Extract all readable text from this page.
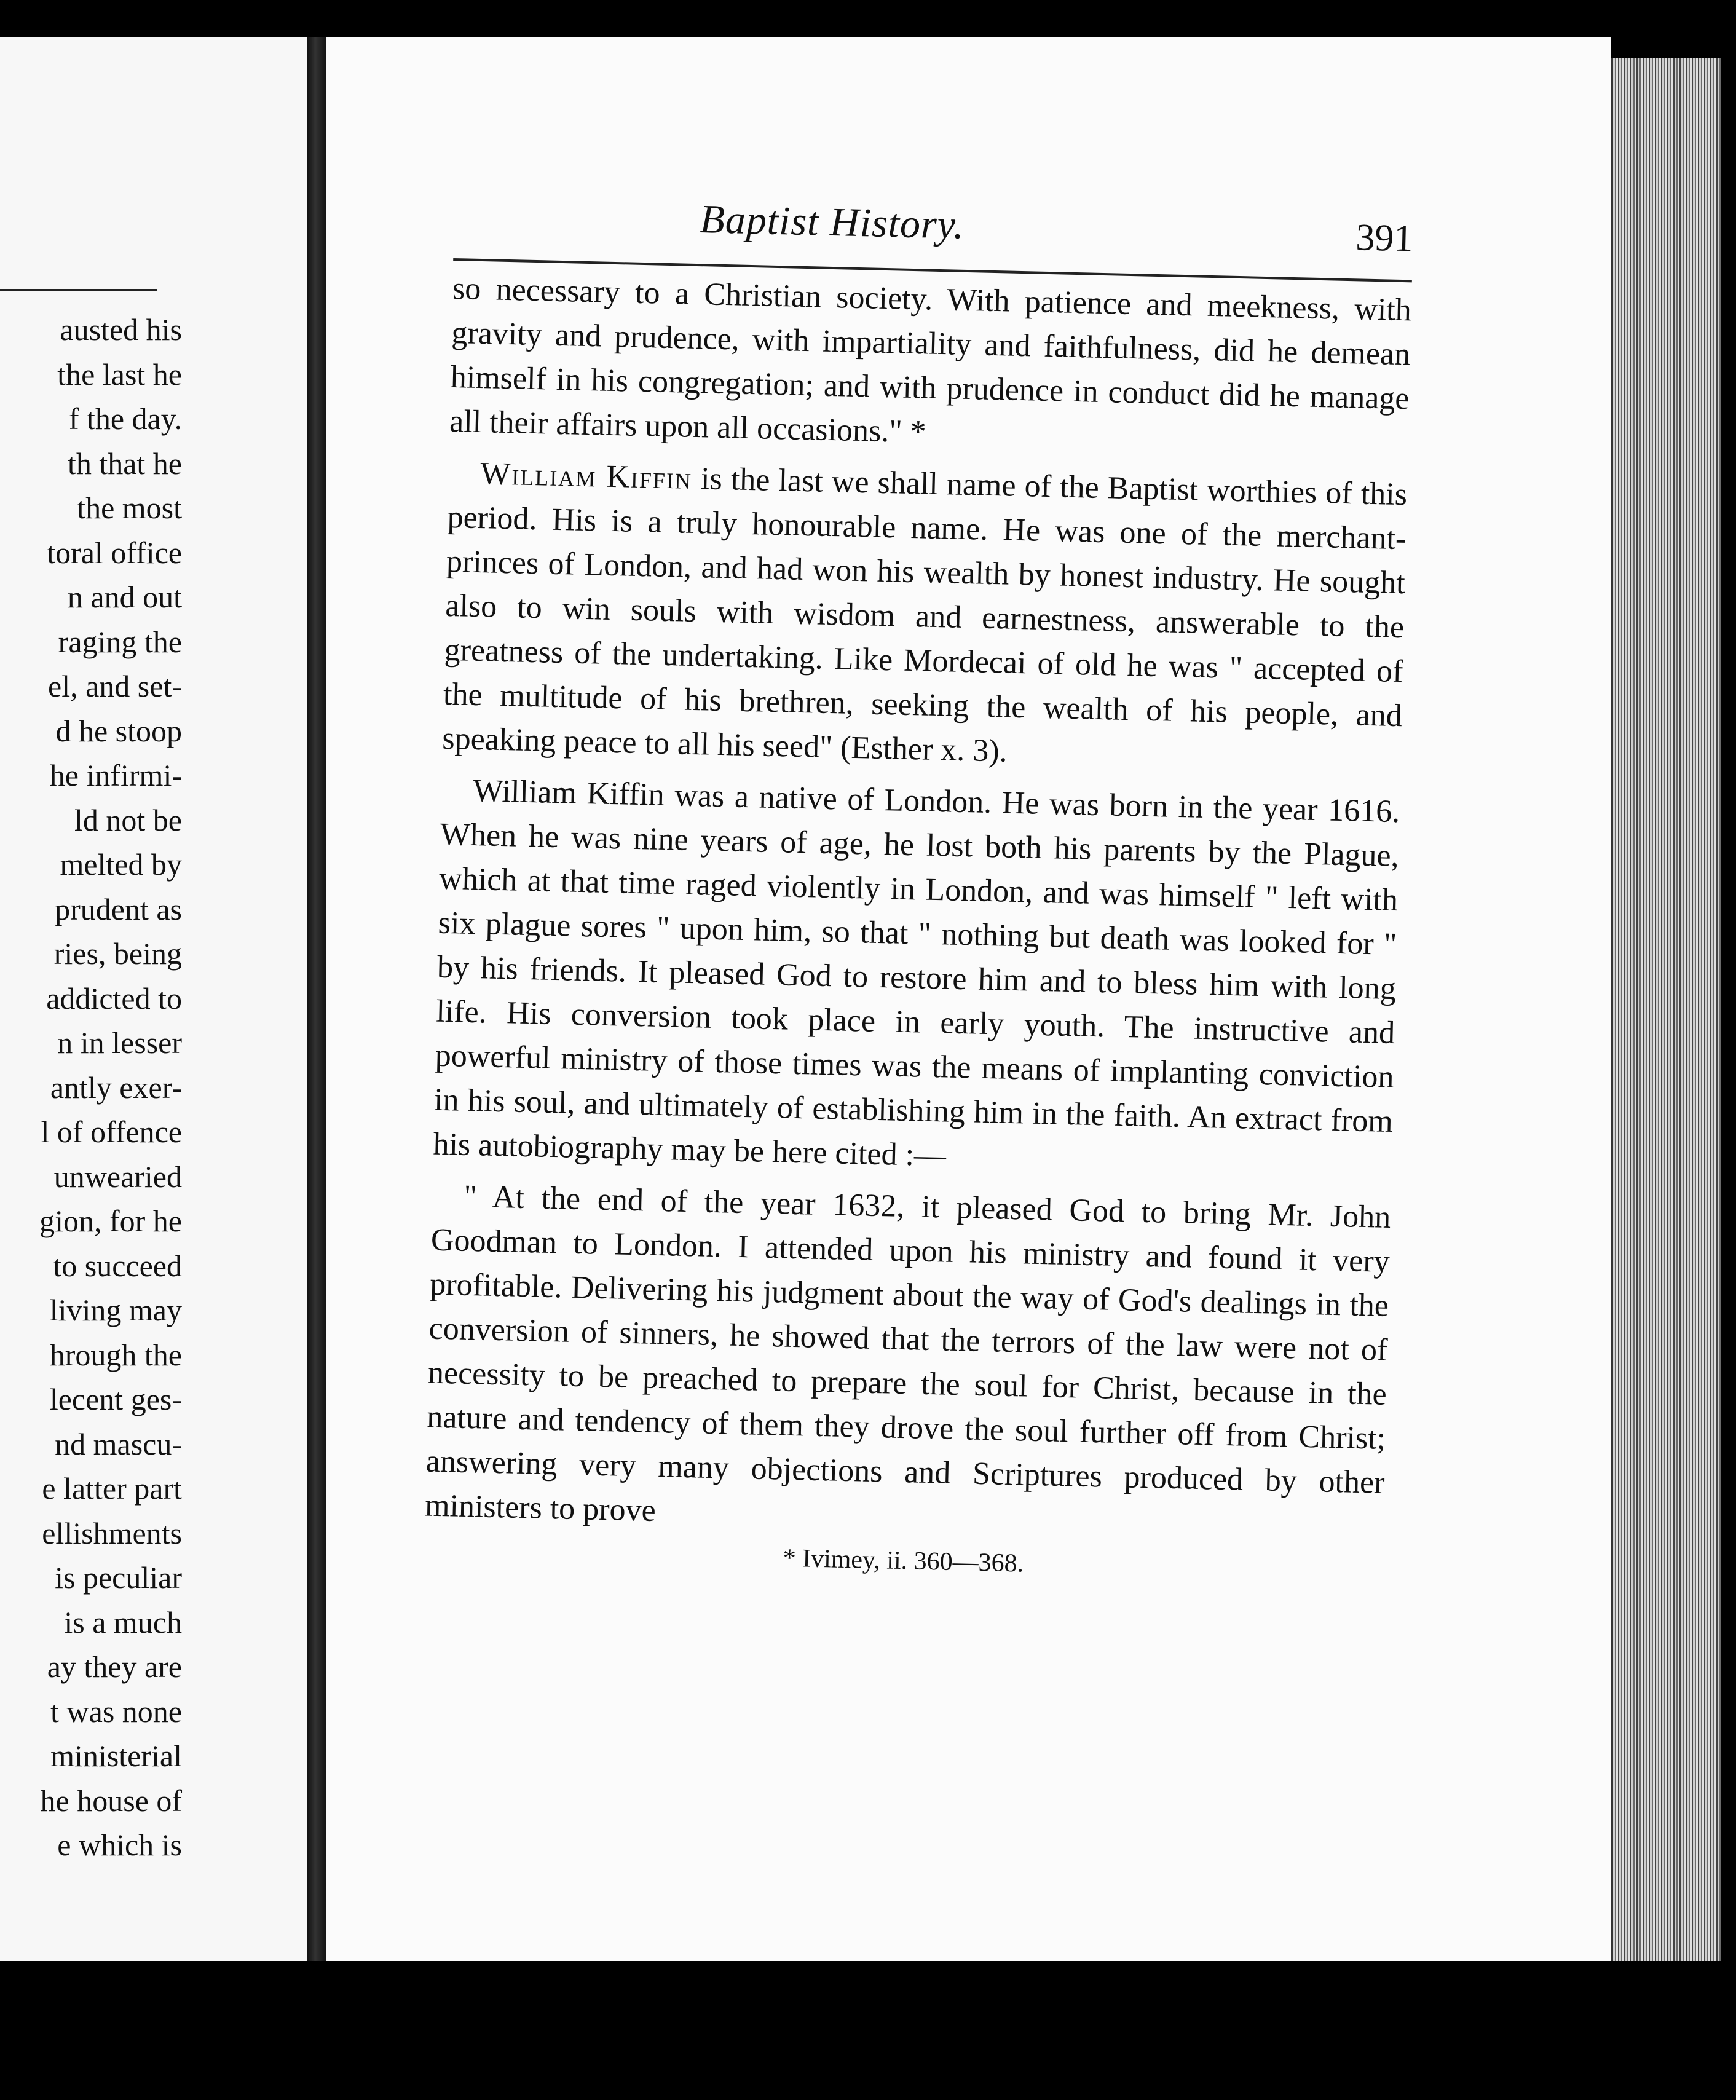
austed his
the last he
f the day.
th that he
the most
toral office
n and out
raging the
el, and set-
d he stoop
he infirmi-
ld not be
melted by
prudent as
ries, being
addicted to
n in lesser
antly exer-
l of offence
unwearied
gion, for he
to succeed
living may
hrough the
lecent ges-
nd mascu-
e latter part
ellishments
is peculiar
is a much
ay they are
t was none
ministerial
he house of
e which is
Baptist History.	391

so necessary to a Christian society. With patience and meekness, with gravity and prudence, with impartiality and faithfulness, did he demean himself in his congregation; and with prudence in conduct did he manage all their affairs upon all occasions." *

William Kiffin is the last we shall name of the Baptist worthies of this period. His is a truly honourable name. He was one of the merchant-princes of London, and had won his wealth by honest industry. He sought also to win souls with wisdom and earnestness, answerable to the greatness of the undertaking. Like Mordecai of old he was " accepted of the multitude of his brethren, seeking the wealth of his people, and speaking peace to all his seed" (Esther x. 3).

William Kiffin was a native of London. He was born in the year 1616. When he was nine years of age, he lost both his parents by the Plague, which at that time raged violently in London, and was himself " left with six plague sores " upon him, so that " nothing but death was looked for " by his friends. It pleased God to restore him and to bless him with long life. His conversion took place in early youth. The instructive and powerful ministry of those times was the means of implanting conviction in his soul, and ultimately of establishing him in the faith. An extract from his autobiography may be here cited :—

" At the end of the year 1632, it pleased God to bring Mr. John Goodman to London. I attended upon his ministry and found it very profitable. Delivering his judgment about the way of God's dealings in the conversion of sinners, he showed that the terrors of the law were not of necessity to be preached to prepare the soul for Christ, because in the nature and tendency of them they drove the soul further off from Christ; answering very many objections and Scriptures produced by other ministers to prove

* Ivimey, ii. 360—368.
